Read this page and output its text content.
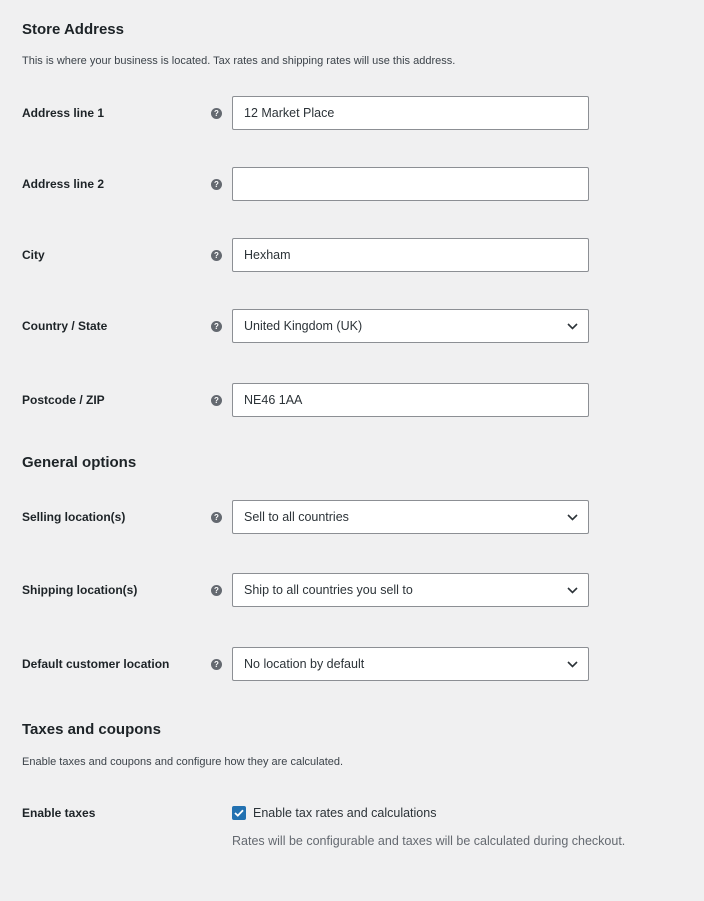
Store Address
This is where your business is located. Tax rates and shipping rates will use this address.
Address line 1	?	12 Market Place
Address line 2	?
City	?	Hexham
Country / State	?	United Kingdom (UK)
Postcode / ZIP	?	NE46 1AA
General options
Selling location(s)	?	Sell to all countries
Shipping location(s)	?	Ship to all countries you sell to
Default customer location	?	No location by default
Taxes and coupons
Enable taxes and coupons and configure how they are calculated.
Enable taxes	Enable tax rates and calculations
Rates will be configurable and taxes will be calculated during checkout.
